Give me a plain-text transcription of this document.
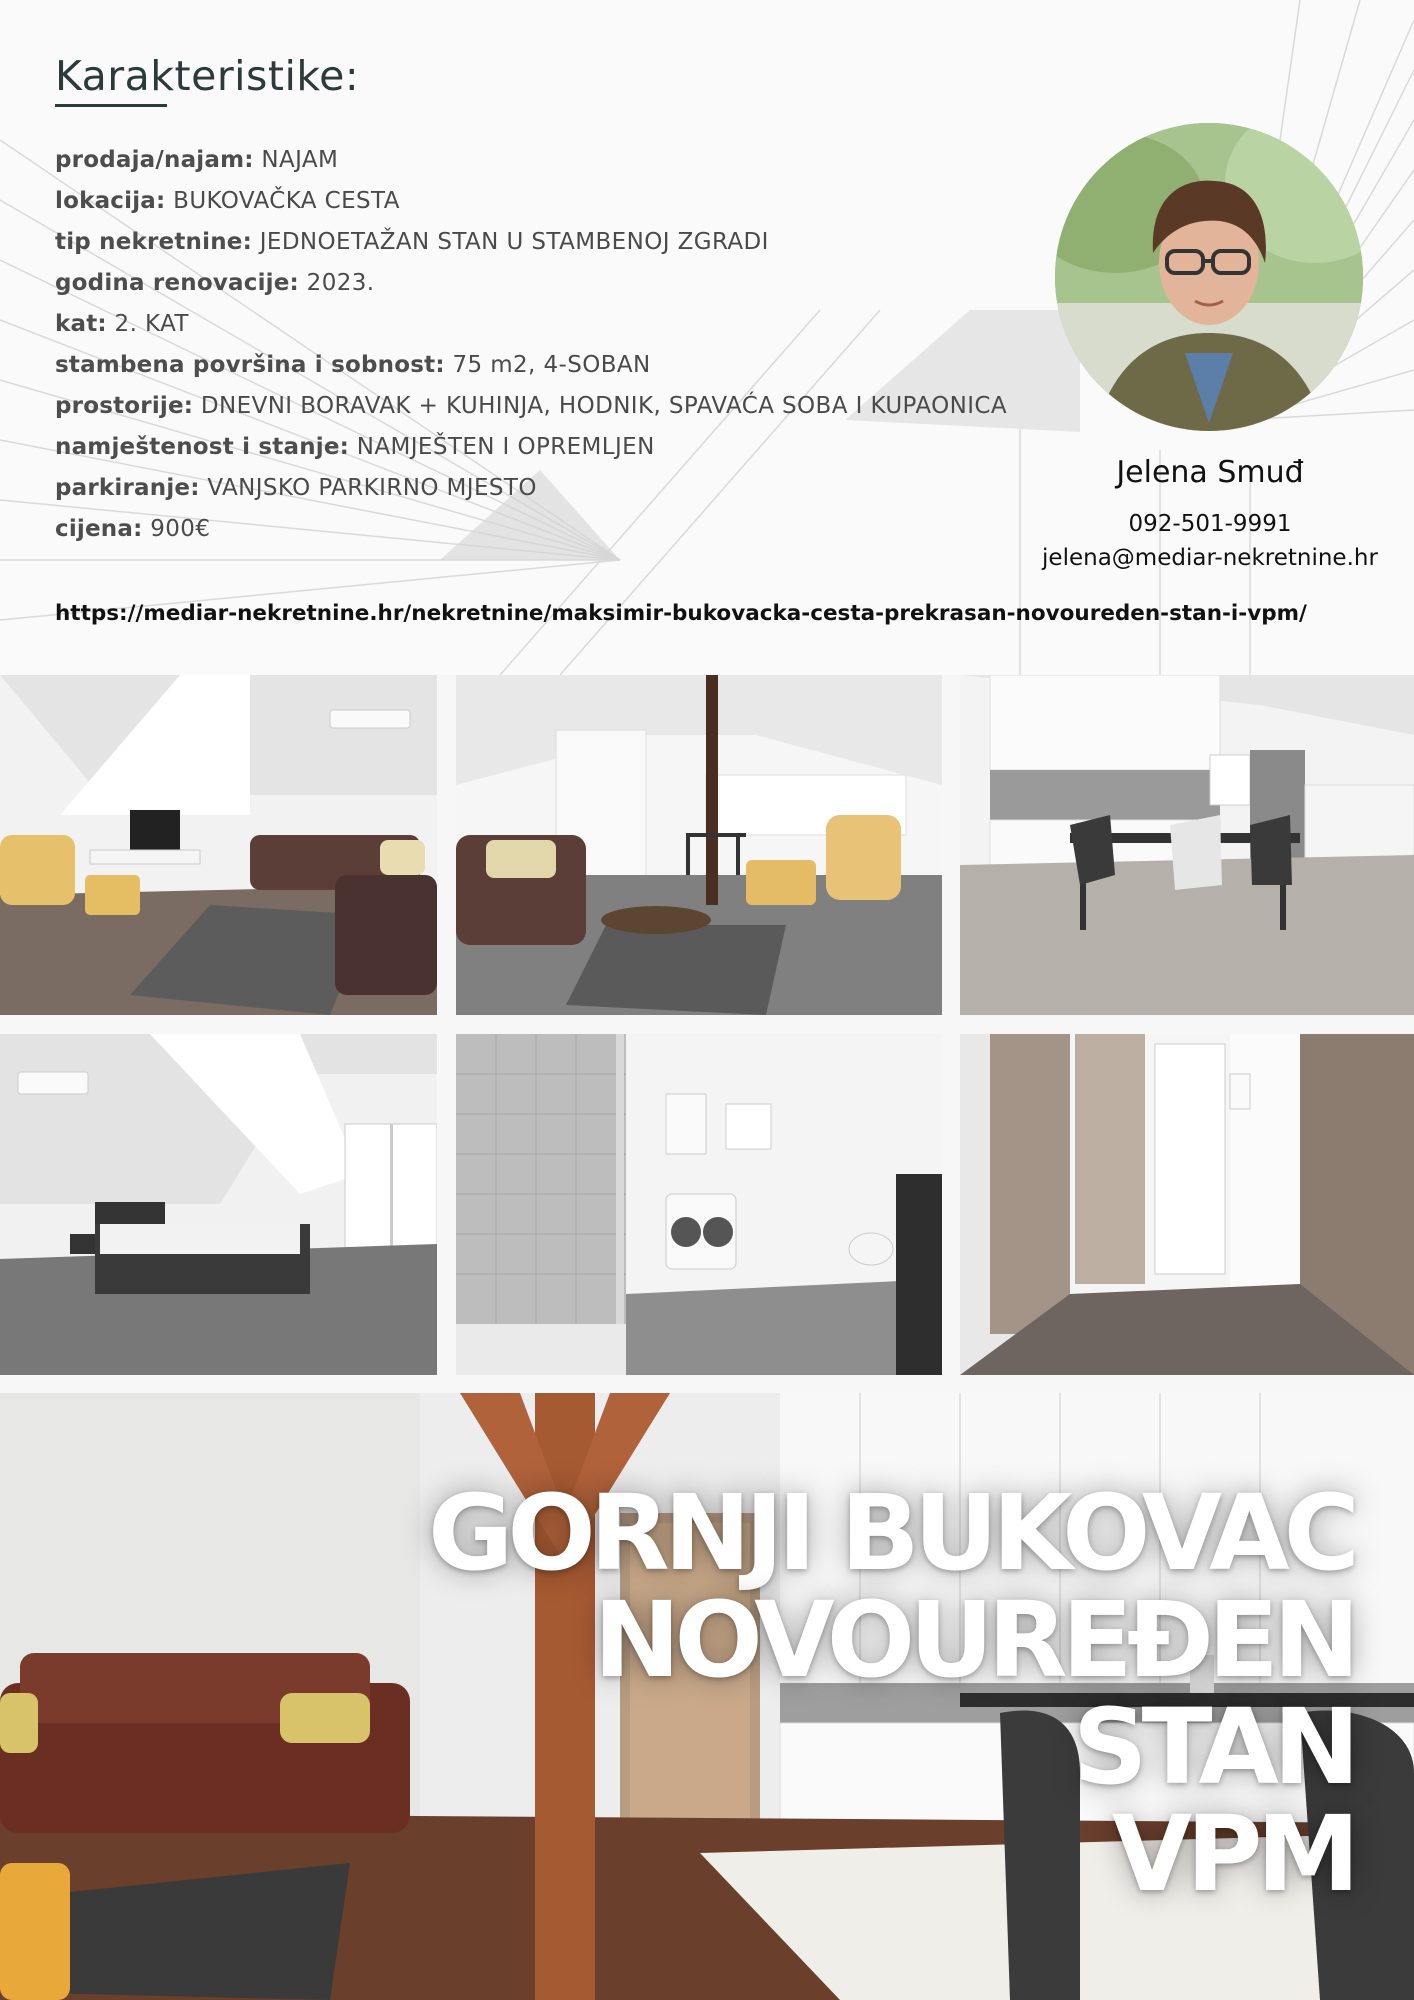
Karakteristike:
prodaja/najam: NAJAM
lokacija: BUKOVAČKA CESTA
tip nekretnine: JEDNOETAŽAN STAN U STAMBENOJ ZGRADI
godina renovacije: 2023.
kat: 2. KAT
stambena površina i sobnost: 75 m2, 4-SOBAN
prostorije: DNEVNI BORAVAK + KUHINJA, HODNIK, SPAVAĆA SOBA I KUPAONICA
namještenost i stanje: NAMJEŠTEN I OPREMLJEN
parkiranje: VANJSKO PARKIRNO MJESTO
cijena: 900€
Jelena Smuđ
092-501-9991
jelena@mediar-nekretnine.hr
https://mediar-nekretnine.hr/nekretnine/maksimir-bukovacka-cesta-prekrasan-novoureden-stan-i-vpm/
GORNJI BUKOVAC
NOVOUREĐEN
STAN
VPM
